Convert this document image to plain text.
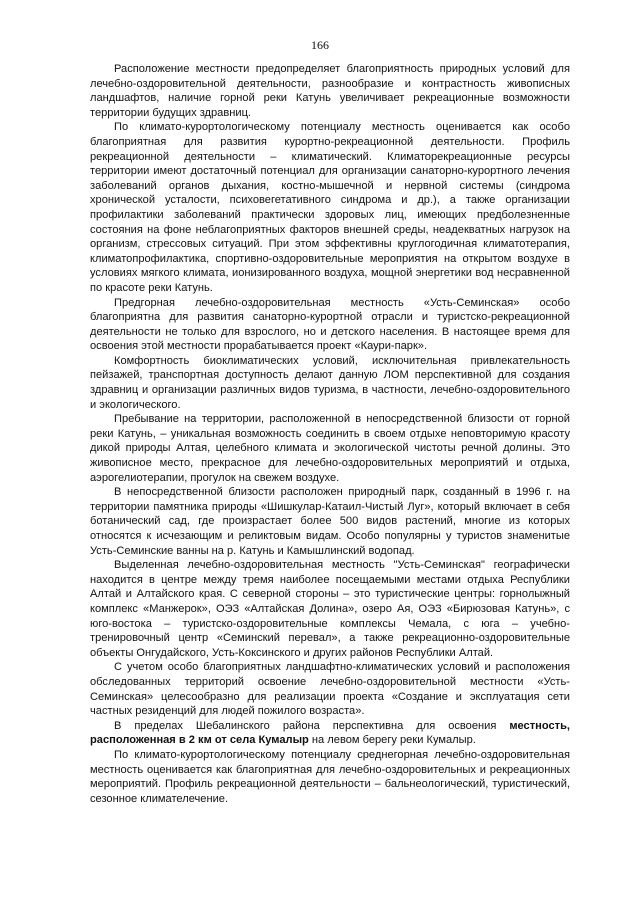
166

Расположение местности предопределяет благоприятность природных условий для лечебно-оздоровительной деятельности, разнообразие и контрастность живописных ландшафтов, наличие горной реки Катунь увеличивает рекреационные возможности территории будущих здравниц.

По климато-курортологическому потенциалу местность оценивается как особо благоприятная для развития курортно-рекреационной деятельности. Профиль рекреационной деятельности – климатический. Климаторекреационные ресурсы территории имеют достаточный потенциал для организации санаторно-курортного лечения заболеваний органов дыхания, костно-мышечной и нервной системы (синдрома хронической усталости, психовегетативного синдрома и др.), а также организации профилактики заболеваний практически здоровых лиц, имеющих предболезненные состояния на фоне неблагоприятных факторов внешней среды, неадекватных нагрузок на организм, стрессовых ситуаций. При этом эффективны круглогодичная климатотерапия, климатопрофилактика, спортивно-оздоровительные мероприятия на открытом воздухе в условиях мягкого климата, ионизированного воздуха, мощной энергетики вод несравненной по красоте реки Катунь.

Предгорная лечебно-оздоровительная местность «Усть-Семинская» особо благоприятна для развития санаторно-курортной отрасли и туристско-рекреационной деятельности не только для взрослого, но и детского населения. В настоящее время для освоения этой местности прорабатывается проект «Каури-парк».

Комфортность биоклиматических условий, исключительная привлекательность пейзажей, транспортная доступность делают данную ЛОМ перспективной для создания здравниц и организации различных видов туризма, в частности, лечебно-оздоровительного и экологического.

Пребывание на территории, расположенной в непосредственной близости от горной реки Катунь, – уникальная возможность соединить в своем отдыхе неповторимую красоту дикой природы Алтая, целебного климата и экологической чистоты речной долины. Это живописное место, прекрасное для лечебно-оздоровительных мероприятий и отдыха, аэрогелиотерапии, прогулок на свежем воздухе.

В непосредственной близости расположен природный парк, созданный в 1996 г. на территории памятника природы «Шишкулар-Катаил-Чистый Луг», который включает в себя ботанический сад, где произрастает более 500 видов растений, многие из которых относятся к исчезающим и реликтовым видам. Особо популярны у туристов знаменитые Усть-Семинские ванны на р. Катунь и Камышлинский водопад.

Выделенная лечебно-оздоровительная местность "Усть-Семинская" географически находится в центре между тремя наиболее посещаемыми местами отдыха Республики Алтай и Алтайского края. С северной стороны – это туристические центры: горнолыжный комплекс «Манжерок», ОЭЗ «Алтайская Долина», озеро Ая, ОЭЗ «Бирюзовая Катунь», с юго-востока – туристско-оздоровительные комплексы Чемала, с юга – учебно-тренировочный центр «Семинский перевал», а также рекреационно-оздоровительные объекты Онгудайского, Усть-Коксинского и других районов Республики Алтай.

С учетом особо благоприятных ландшафтно-климатических условий и расположения обследованных территорий освоение лечебно-оздоровительной местности «Усть-Семинская» целесообразно для реализации проекта «Создание и эксплуатация сети частных резиденций для людей пожилого возраста».

В пределах Шебалинского района перспективна для освоения местность, расположенная в 2 км от села Кумалыр на левом берегу реки Кумалыр.

По климато-курортологическому потенциалу среднегорная лечебно-оздоровительная местность оценивается как благоприятная для лечебно-оздоровительных и рекреационных мероприятий. Профиль рекреационной деятельности – бальнеологический, туристический, сезонное климателечение.
